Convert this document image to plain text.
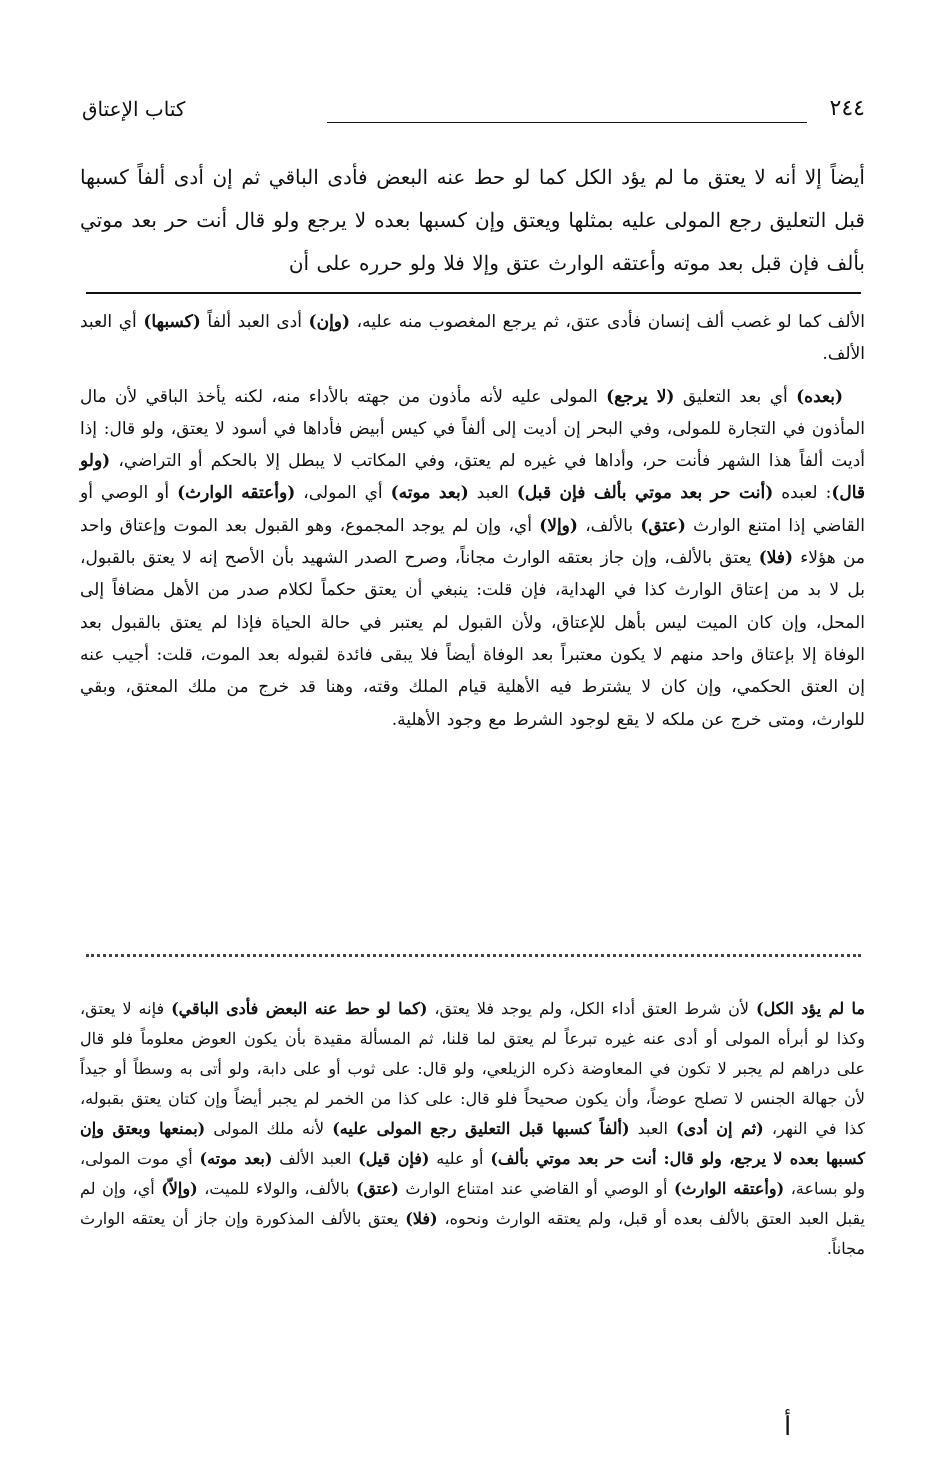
٢٤٤
كتاب الإعتاق
أيضاً إلا أنه لا يعتق ما لم يؤد الكل كما لو حط عنه البعض فأدى الباقي ثم إن أدى ألفاً كسبها قبل التعليق رجع المولى عليه بمثلها ويعتق وإن كسبها بعده لا يرجع ولو قال أنت حر بعد موتي بألف فإن قبل بعد موته وأعتقه الوارث عتق وإلا فلا ولو حرره على أن

الألف كما لو غصب ألف إنسان فأدى عتق، ثم يرجع المغصوب منه عليه، (وإن) أدى العبد ألفاً (كسبها) أي العبد الألف.

(بعده) أي بعد التعليق (لا يرجع) المولى عليه لأنه مأذون من جهته بالأداء منه، لكنه يأخذ الباقي لأن مال المأذون في التجارة للمولى، وفي البحر إن أديت إلى ألفاً في كيس أبيض فأداها في أسود لا يعتق، ولو قال: إذا أديت ألفاً هذا الشهر فأنت حر، وأداها في غيره لم يعتق، وفي المكاتب لا يبطل إلا بالحكم أو التراضي، (ولو قال): لعبده (أنت حر بعد موتي بألف فإن قبل) العبد (بعد موته) أي المولى، (وأعتقه الوارث) أو الوصي أو القاضي إذا امتنع الوارث (عتق) بالألف، (وإلا) أي، وإن لم يوجد المجموع، وهو القبول بعد الموت وإعتاق واحد من هؤلاء (فلا) يعتق بالألف، وإن جاز بعتقه الوارث مجاناً، وصرح الصدر الشهيد بأن الأصح إنه لا يعتق بالقبول، بل لا بد من إعتاق الوارث كذا في الهداية، فإن قلت: ينبغي أن يعتق حكماً لكلام صدر من الأهل مضافاً إلى المحل، وإن كان الميت ليس بأهل للإعتاق، ولأن القبول لم يعتبر في حالة الحياة فإذا لم يعتق بالقبول بعد الوفاة إلا بإعتاق واحد منهم لا يكون معتبراً بعد الوفاة أيضاً فلا يبقى فائدة لقبوله بعد الموت، قلت: أجيب عنه إن العتق الحكمي، وإن كان لا يشترط فيه الأهلية قيام الملك وقته، وهنا قد خرج من ملك المعتق، وبقي للوارث، ومتى خرج عن ملكه لا يقع لوجود الشرط مع وجود الأهلية.

ما لم يؤد الكل) لأن شرط العتق أداء الكل، ولم يوجد فلا يعتق، (كما لو حط عنه البعض فأدى الباقي) فإنه لا يعتق، وكذا لو أبرأه المولى أو أدى عنه غيره تبرعاً لم يعتق لما قلنا، ثم المسألة مقيدة بأن يكون العوض معلوماً فلو قال على دراهم لم يجبر لا تكون في المعاوضة ذكره الزيلعي، ولو قال: على ثوب أو على دابة، ولو أتى به وسطاً أو جيداً لأن جهالة الجنس لا تصلح عوضاً، وأن يكون صحيحاً فلو قال: على كذا من الخمر لم يجبر أيضاً وإن كتان يعتق بقبوله، كذا في النهر، (ثم إن أدى) العبد (ألفاً كسبها قبل التعليق رجع المولى عليه) لأنه ملك المولى (بمنعها وبعتق وإن كسبها بعده لا يرجع، ولو قال: أنت حر بعد موتي بألف) أو عليه (فإن قيل) العبد الألف (بعد موته) أي موت المولى، ولو بساعة، (وأعتقه الوارث) أو الوصي أو القاضي عند امتناع الوارث (عتق) بالألف، والولاء للميت، (وإلاّ) أي، وإن لم يقبل العبد العتق بالألف بعده أو قبل، ولم يعتقه الوارث ونحوه، (فلا) يعتق بالألف المذكورة وإن جاز أن يعتقه الوارث مجاناً.

أ
